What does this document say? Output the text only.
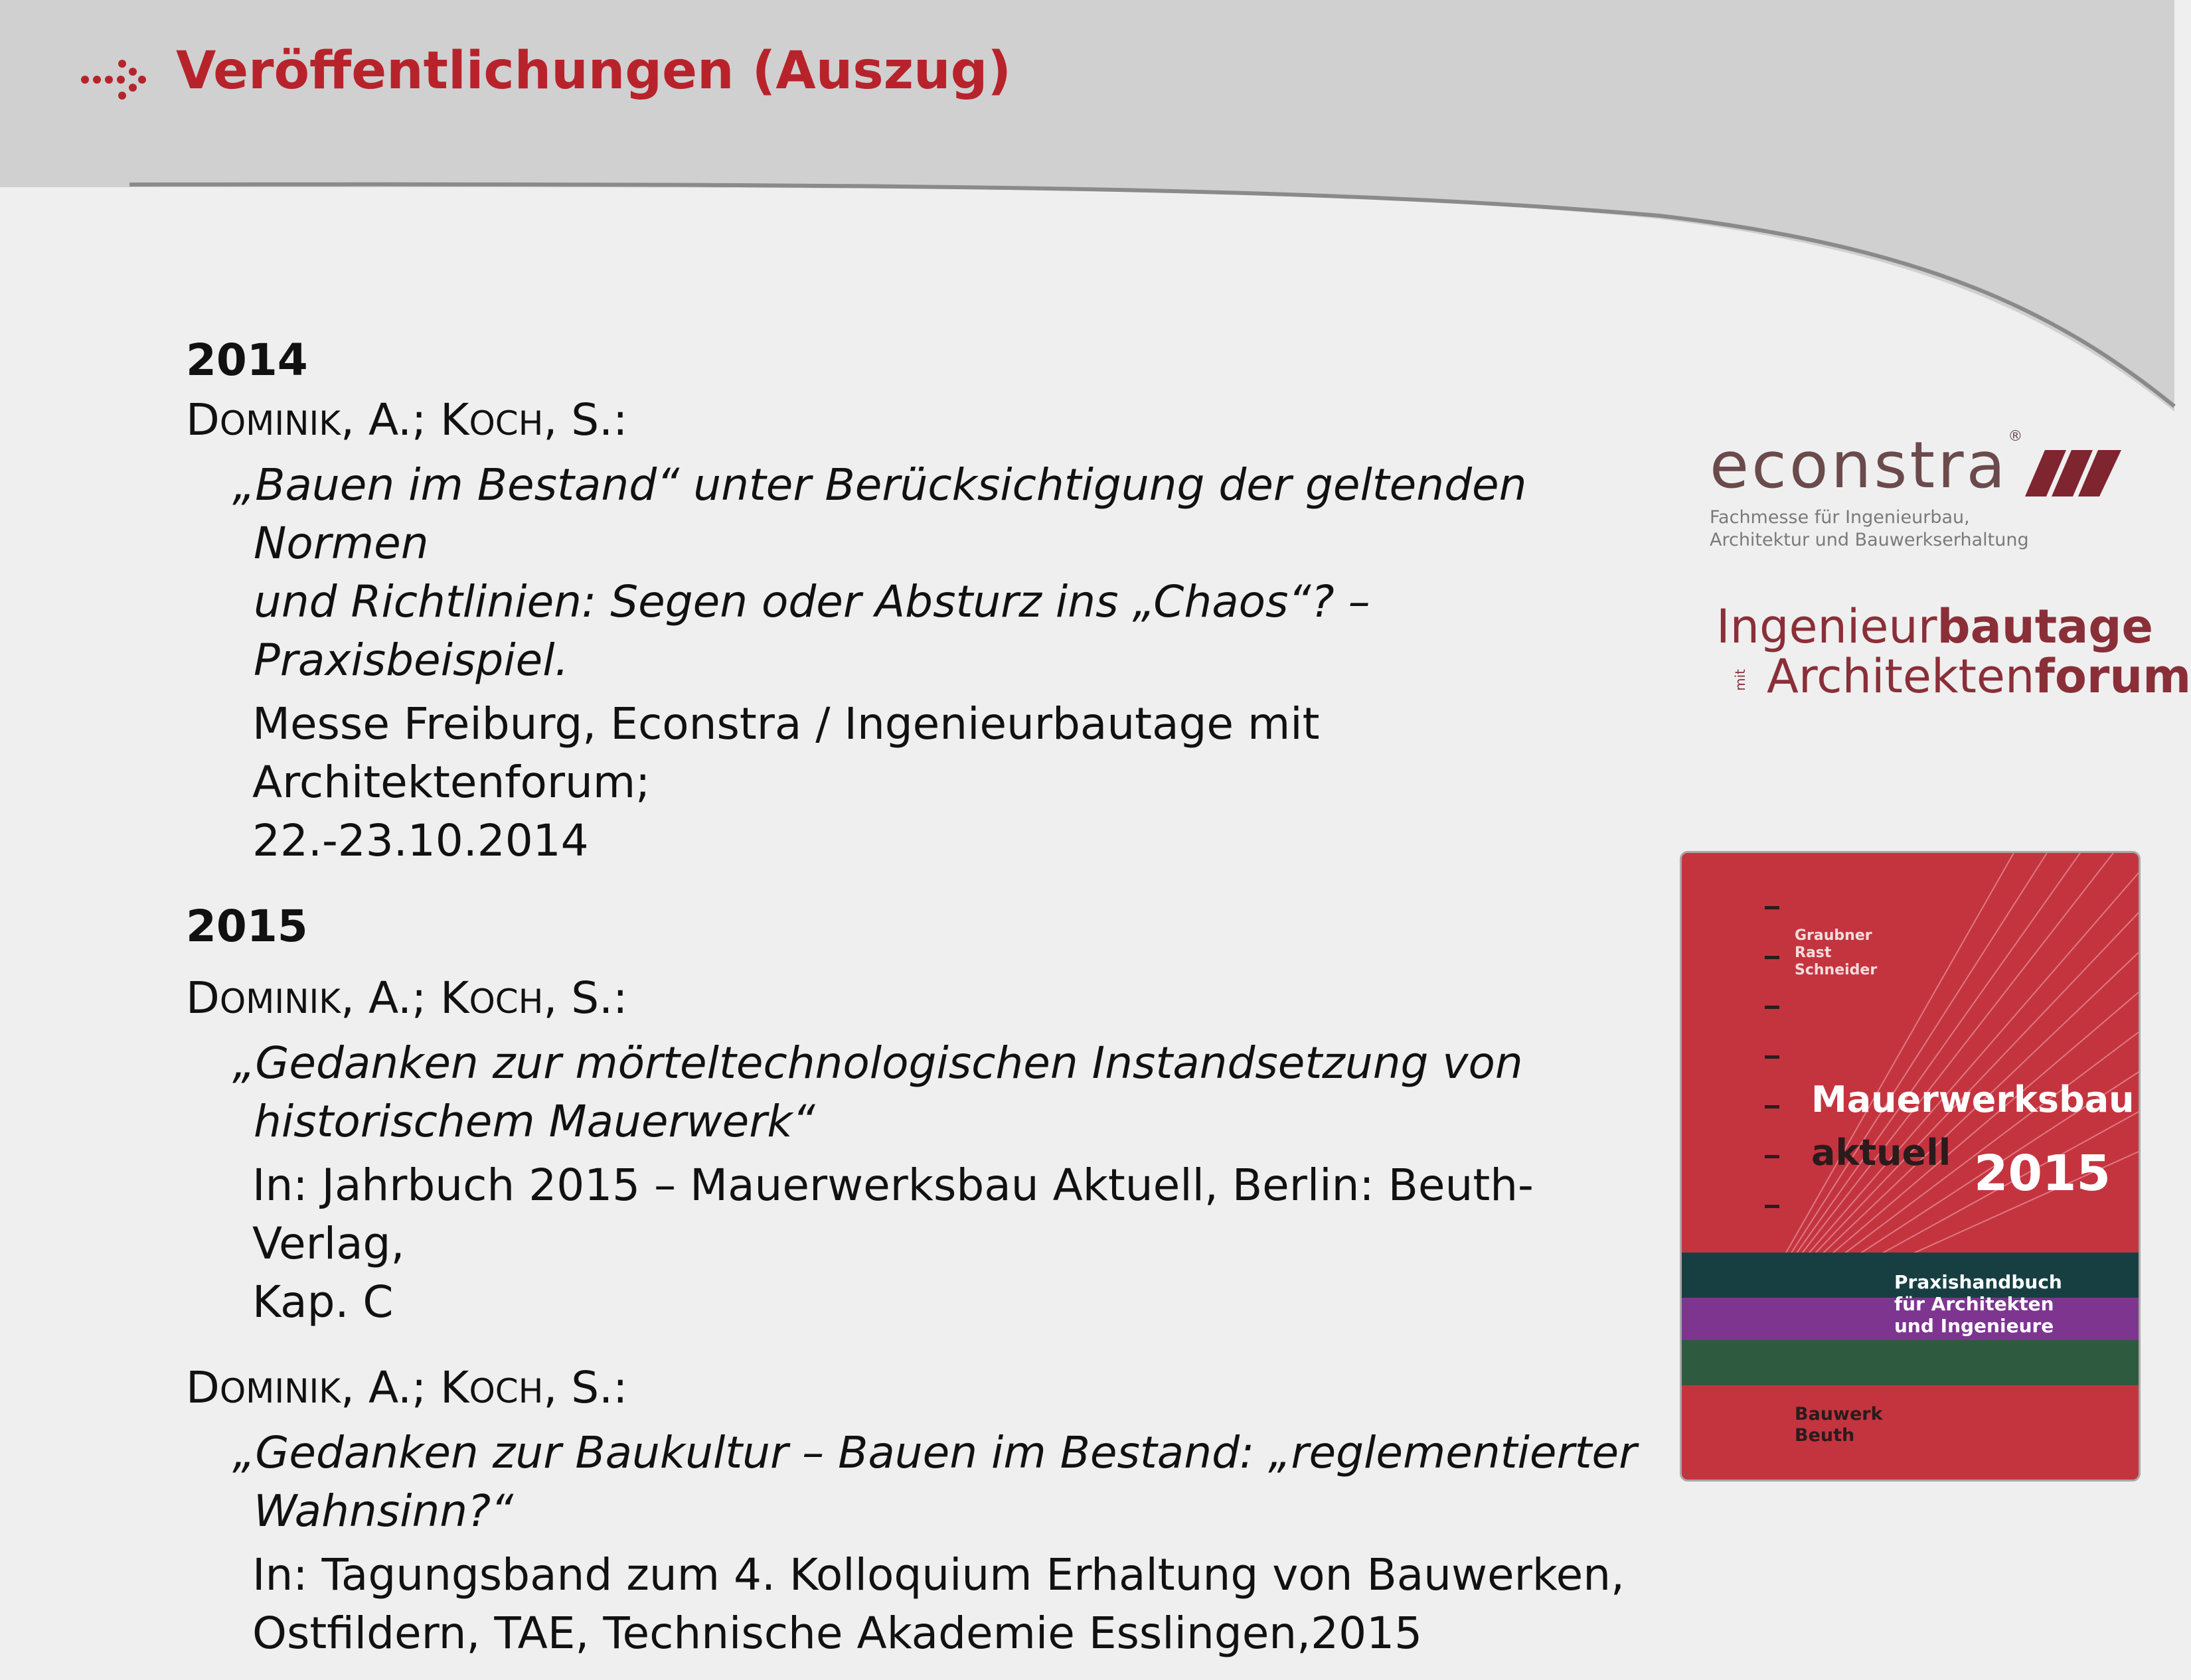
Veröffentlichungen (Auszug)

2014

DOMINIK, A.; KOCH, S.:

„Bauen im Bestand“ unter Berücksichtigung der geltenden Normen
und Richtlinien: Segen oder Absturz ins „Chaos“? – Praxisbeispiel.

Messe Freiburg, Econstra / Ingenieurbautage mit Architektenforum;
22.-23.10.2014

2015

DOMINIK, A.; KOCH, S.:

„Gedanken zur mörteltechnologischen Instandsetzung von
historischem Mauerwerk“

In: Jahrbuch 2015 – Mauerwerksbau Aktuell, Berlin: Beuth-Verlag,
Kap. C

DOMINIK, A.; KOCH, S.:

„Gedanken zur Baukultur – Bauen im Bestand: „reglementierter
Wahnsinn?“

In: Tagungsband zum 4. Kolloquium Erhaltung von Bauwerken,
Ostfildern, TAE, Technische Akademie Esslingen,2015

econstra®
Fachmesse für Ingenieurbau,
Architektur und Bauwerkserhaltung
Ingenieurbautage
mit Architektenforum
Graubner
Rast
Schneider
Mauerwerksbau
aktuell 2015
Praxishandbuch
für Architekten
und Ingenieure
Bauwerk
Beuth
